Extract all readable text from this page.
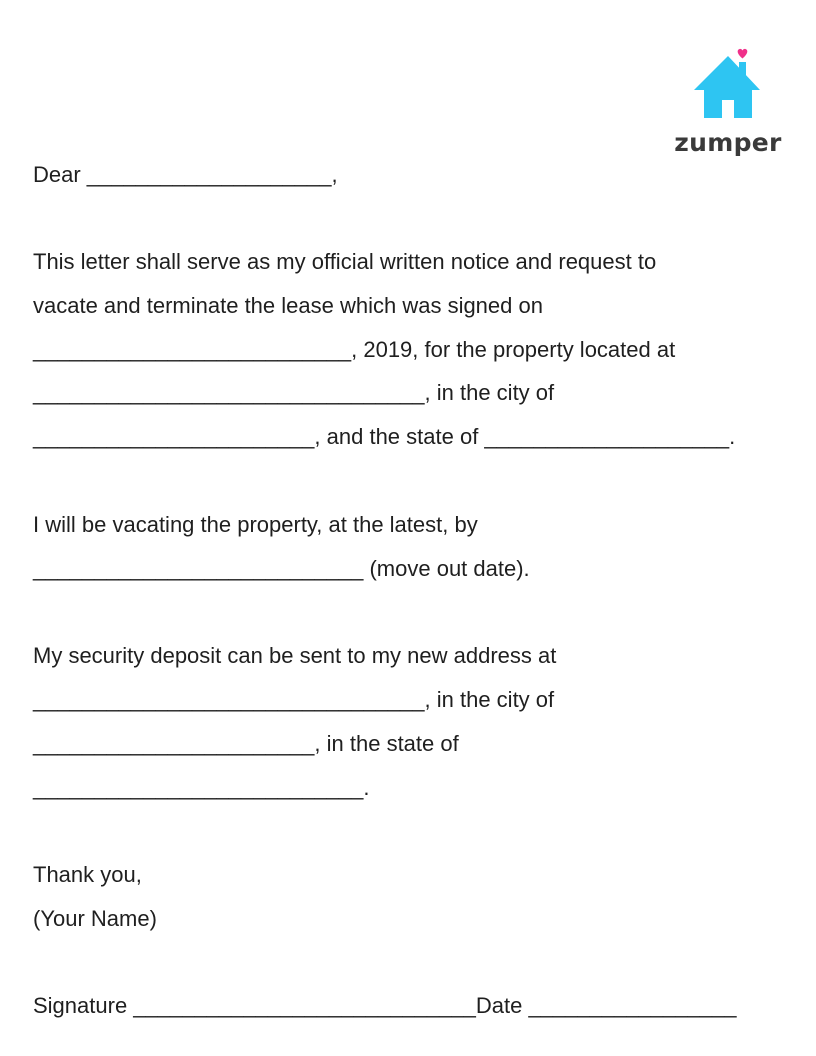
zumper
Dear ____________________,
This letter shall serve as my official written notice and request to
vacate and terminate the lease which was signed on
__________________________, 2019, for the property located at
________________________________, in the city of
_______________________, and the state of ____________________.
I will be vacating the property, at the latest, by
___________________________ (move out date).
My security deposit can be sent to my new address at
________________________________, in the city of
_______________________, in the state of
___________________________.
Thank you,
(Your Name)
Signature ____________________________Date _________________
